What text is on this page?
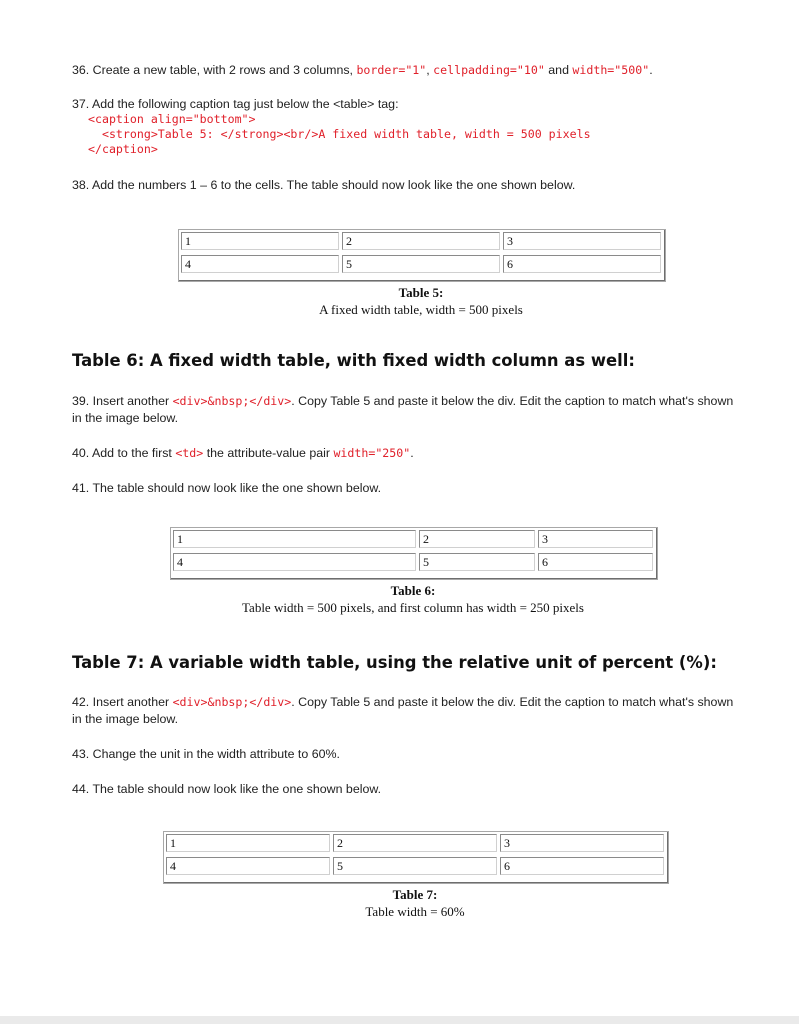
36. Create a new table, with 2 rows and 3 columns, border="1", cellpadding="10" and width="500".
37. Add the following caption tag just below the <table> tag:
<caption align="bottom">
<strong>Table 5: </strong><br/>A fixed width table, width = 500 pixels
</caption>
38. Add the numbers 1 – 6 to the cells. The table should now look like the one shown below.
1	2	3
4	5	6
Table 5:
A fixed width table, width = 500 pixels
Table 6: A fixed width table, with fixed width column as well:
39. Insert another <div>&nbsp;</div>. Copy Table 5 and paste it below the div. Edit the caption to match what's shown in the image below.
40. Add to the first <td> the attribute-value pair width="250".
41. The table should now look like the one shown below.
1	2	3
4	5	6
Table 6:
Table width = 500 pixels, and first column has width = 250 pixels
Table 7: A variable width table, using the relative unit of percent (%):
42. Insert another <div>&nbsp;</div>. Copy Table 5 and paste it below the div. Edit the caption to match what's shown in the image below.
43. Change the unit in the width attribute to 60%.
44. The table should now look like the one shown below.
1	2	3
4	5	6
Table 7:
Table width = 60%
